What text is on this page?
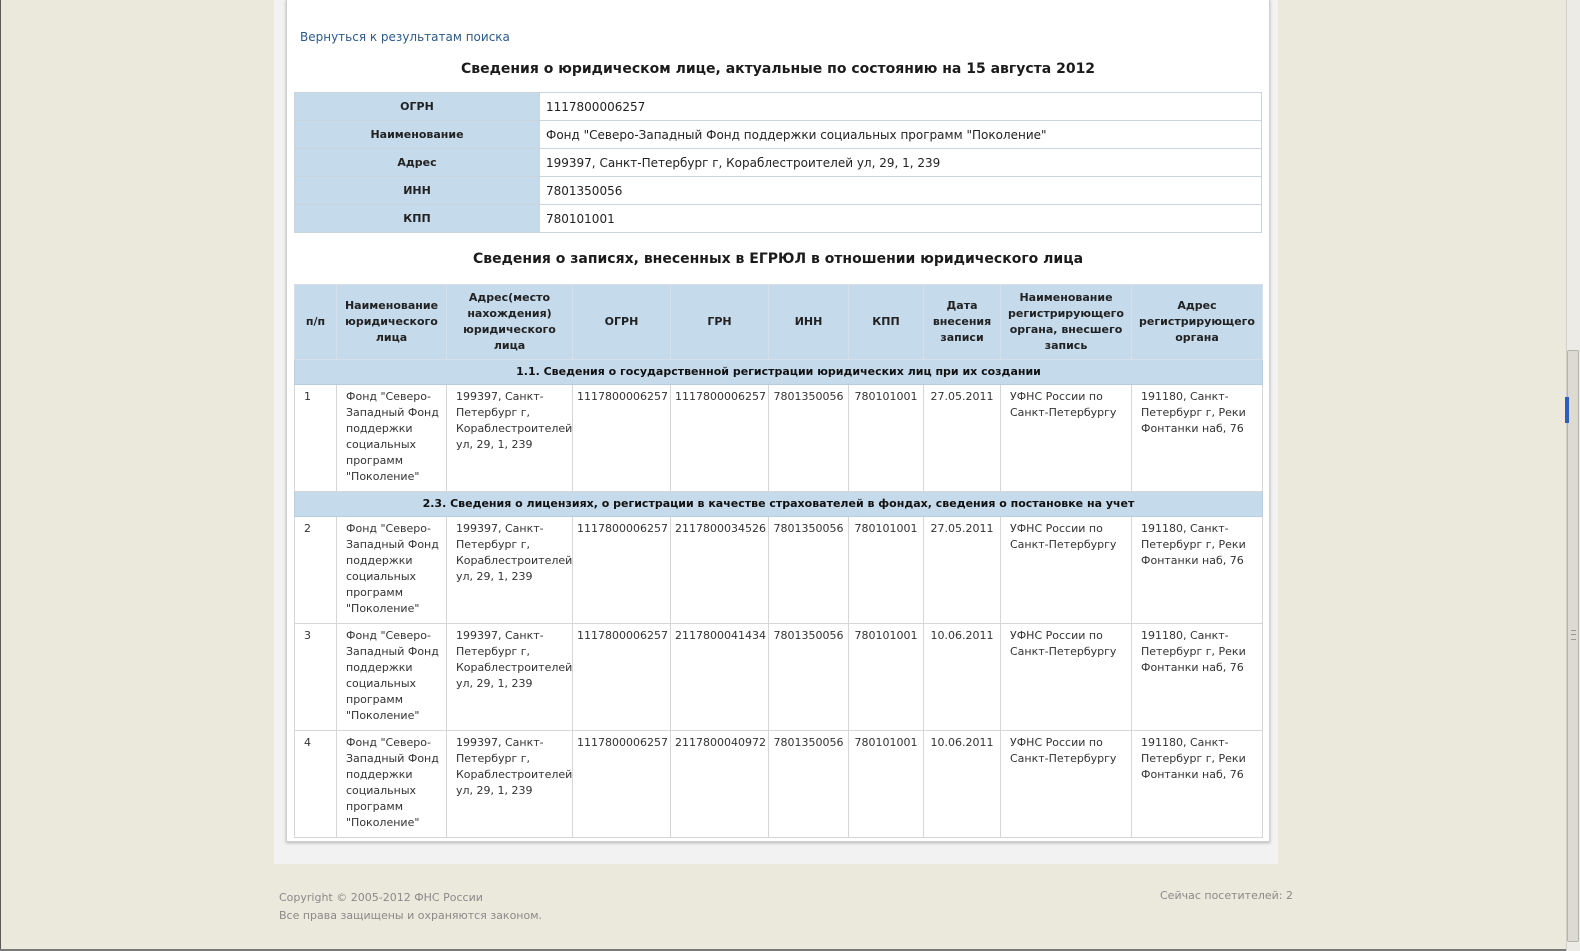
Вернуться к результатам поиска
Сведения о юридическом лице, актуальные по состоянию на 15 августа 2012
ОГРН	1117800006257
Наименование	Фонд "Северо-Западный Фонд поддержки социальных программ "Поколение"
Адрес	199397, Санкт-Петербург г, Кораблестроителей ул, 29, 1, 239
ИНН	7801350056
КПП	780101001
Сведения о записях, внесенных в ЕГРЮЛ в отношении юридического лица
п/п	Наименование юридического лица	Адрес(место нахождения) юридического лица	ОГРН	ГРН	ИНН	КПП	Дата внесения записи	Наименование регистрирующего органа, внесшего запись	Адрес регистрирующего органа
1.1. Сведения о государственной регистрации юридических лиц при их создании									
1	Фонд "Северо-Западный Фонд поддержки социальных программ "Поколение"	199397, Санкт-Петербург г, Кораблестроителей ул, 29, 1, 239	1117800006257	1117800006257	7801350056	780101001	27.05.2011	УФНС России по Санкт-Петербургу	191180, Санкт-Петербург г, Реки Фонтанки наб, 76
2.3. Сведения о лицензиях, о регистрации в качестве страхователей в фондах, сведения о постановке на учет									
2	Фонд "Северо-Западный Фонд поддержки социальных программ "Поколение"	199397, Санкт-Петербург г, Кораблестроителей ул, 29, 1, 239	1117800006257	2117800034526	7801350056	780101001	27.05.2011	УФНС России по Санкт-Петербургу	191180, Санкт-Петербург г, Реки Фонтанки наб, 76
3	Фонд "Северо-Западный Фонд поддержки социальных программ "Поколение"	199397, Санкт-Петербург г, Кораблестроителей ул, 29, 1, 239	1117800006257	2117800041434	7801350056	780101001	10.06.2011	УФНС России по Санкт-Петербургу	191180, Санкт-Петербург г, Реки Фонтанки наб, 76
4	Фонд "Северо-Западный Фонд поддержки социальных программ "Поколение"	199397, Санкт-Петербург г, Кораблестроителей ул, 29, 1, 239	1117800006257	2117800040972	7801350056	780101001	10.06.2011	УФНС России по Санкт-Петербургу	191180, Санкт-Петербург г, Реки Фонтанки наб, 76
Copyright © 2005-2012 ФНС России
Все права защищены и охраняются законом.
Сейчас посетителей: 2
